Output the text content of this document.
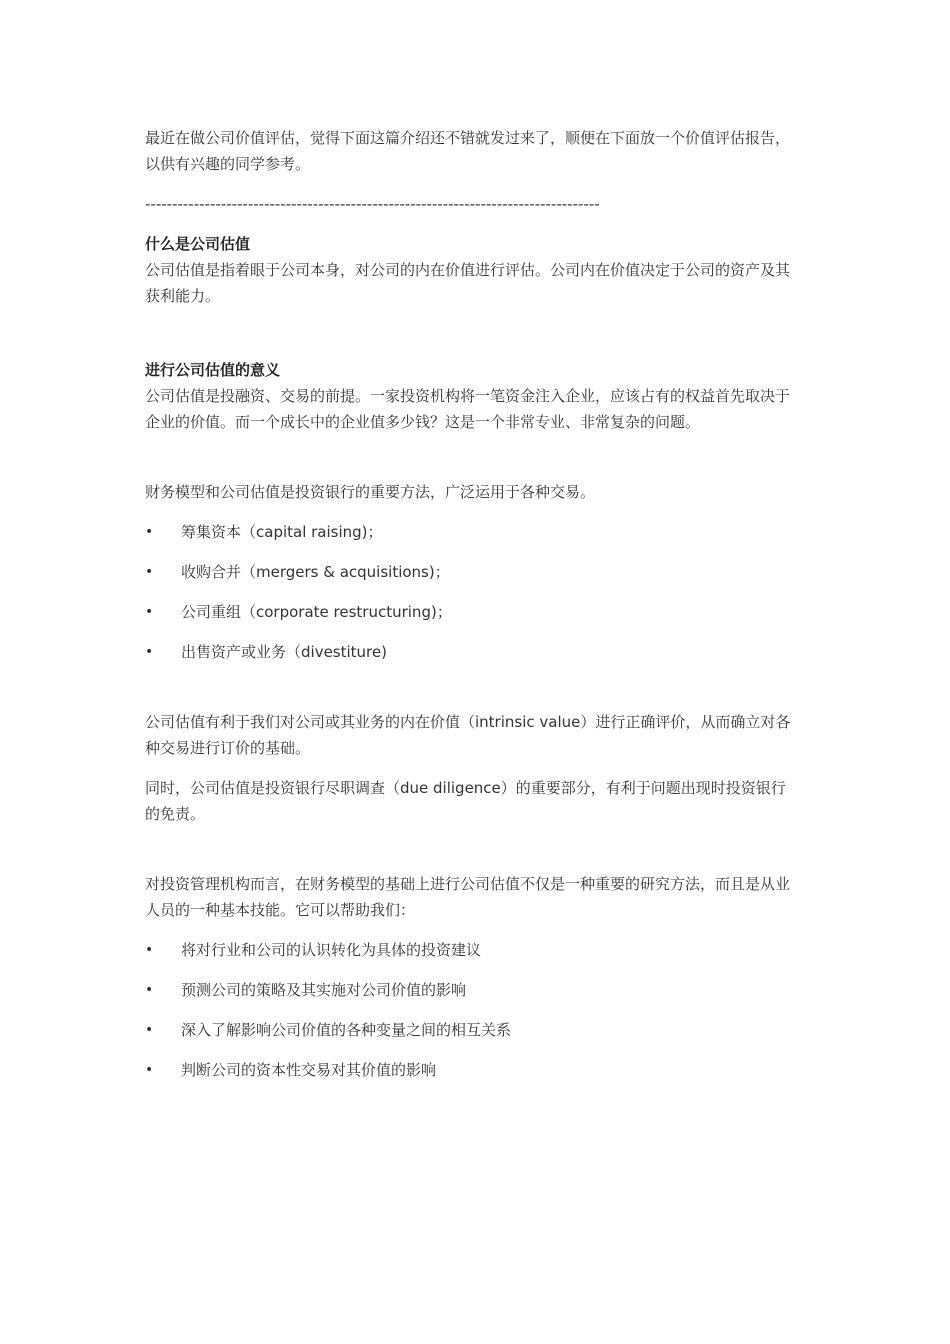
最近在做公司价值评估，觉得下面这篇介绍还不错就发过来了，顺便在下面放一个价值评估报告，以供有兴趣的同学参考。

------------------------------------------------------------------------------------

什么是公司估值

公司估值是指着眼于公司本身，对公司的内在价值进行评估。公司内在价值决定于公司的资产及其获利能力。

进行公司估值的意义

公司估值是投融资、交易的前提。一家投资机构将一笔资金注入企业，应该占有的权益首先取决于企业的价值。而一个成长中的企业值多少钱？这是一个非常专业、非常复杂的问题。

财务模型和公司估值是投资银行的重要方法，广泛运用于各种交易。

• 筹集资本（capital raising)；
• 收购合并（mergers & acquisitions)；
• 公司重组（corporate restructuring)；
• 出售资产或业务（divestiture)

公司估值有利于我们对公司或其业务的内在价值（intrinsic value）进行正确评价，从而确立对各种交易进行订价的基础。

同时，公司估值是投资银行尽职调查（due diligence）的重要部分，有利于问题出现时投资银行的免责。

对投资管理机构而言，在财务模型的基础上进行公司估值不仅是一种重要的研究方法，而且是从业人员的一种基本技能。它可以帮助我们：

• 将对行业和公司的认识转化为具体的投资建议
• 预测公司的策略及其实施对公司价值的影响
• 深入了解影响公司价值的各种变量之间的相互关系
• 判断公司的资本性交易对其价值的影响
